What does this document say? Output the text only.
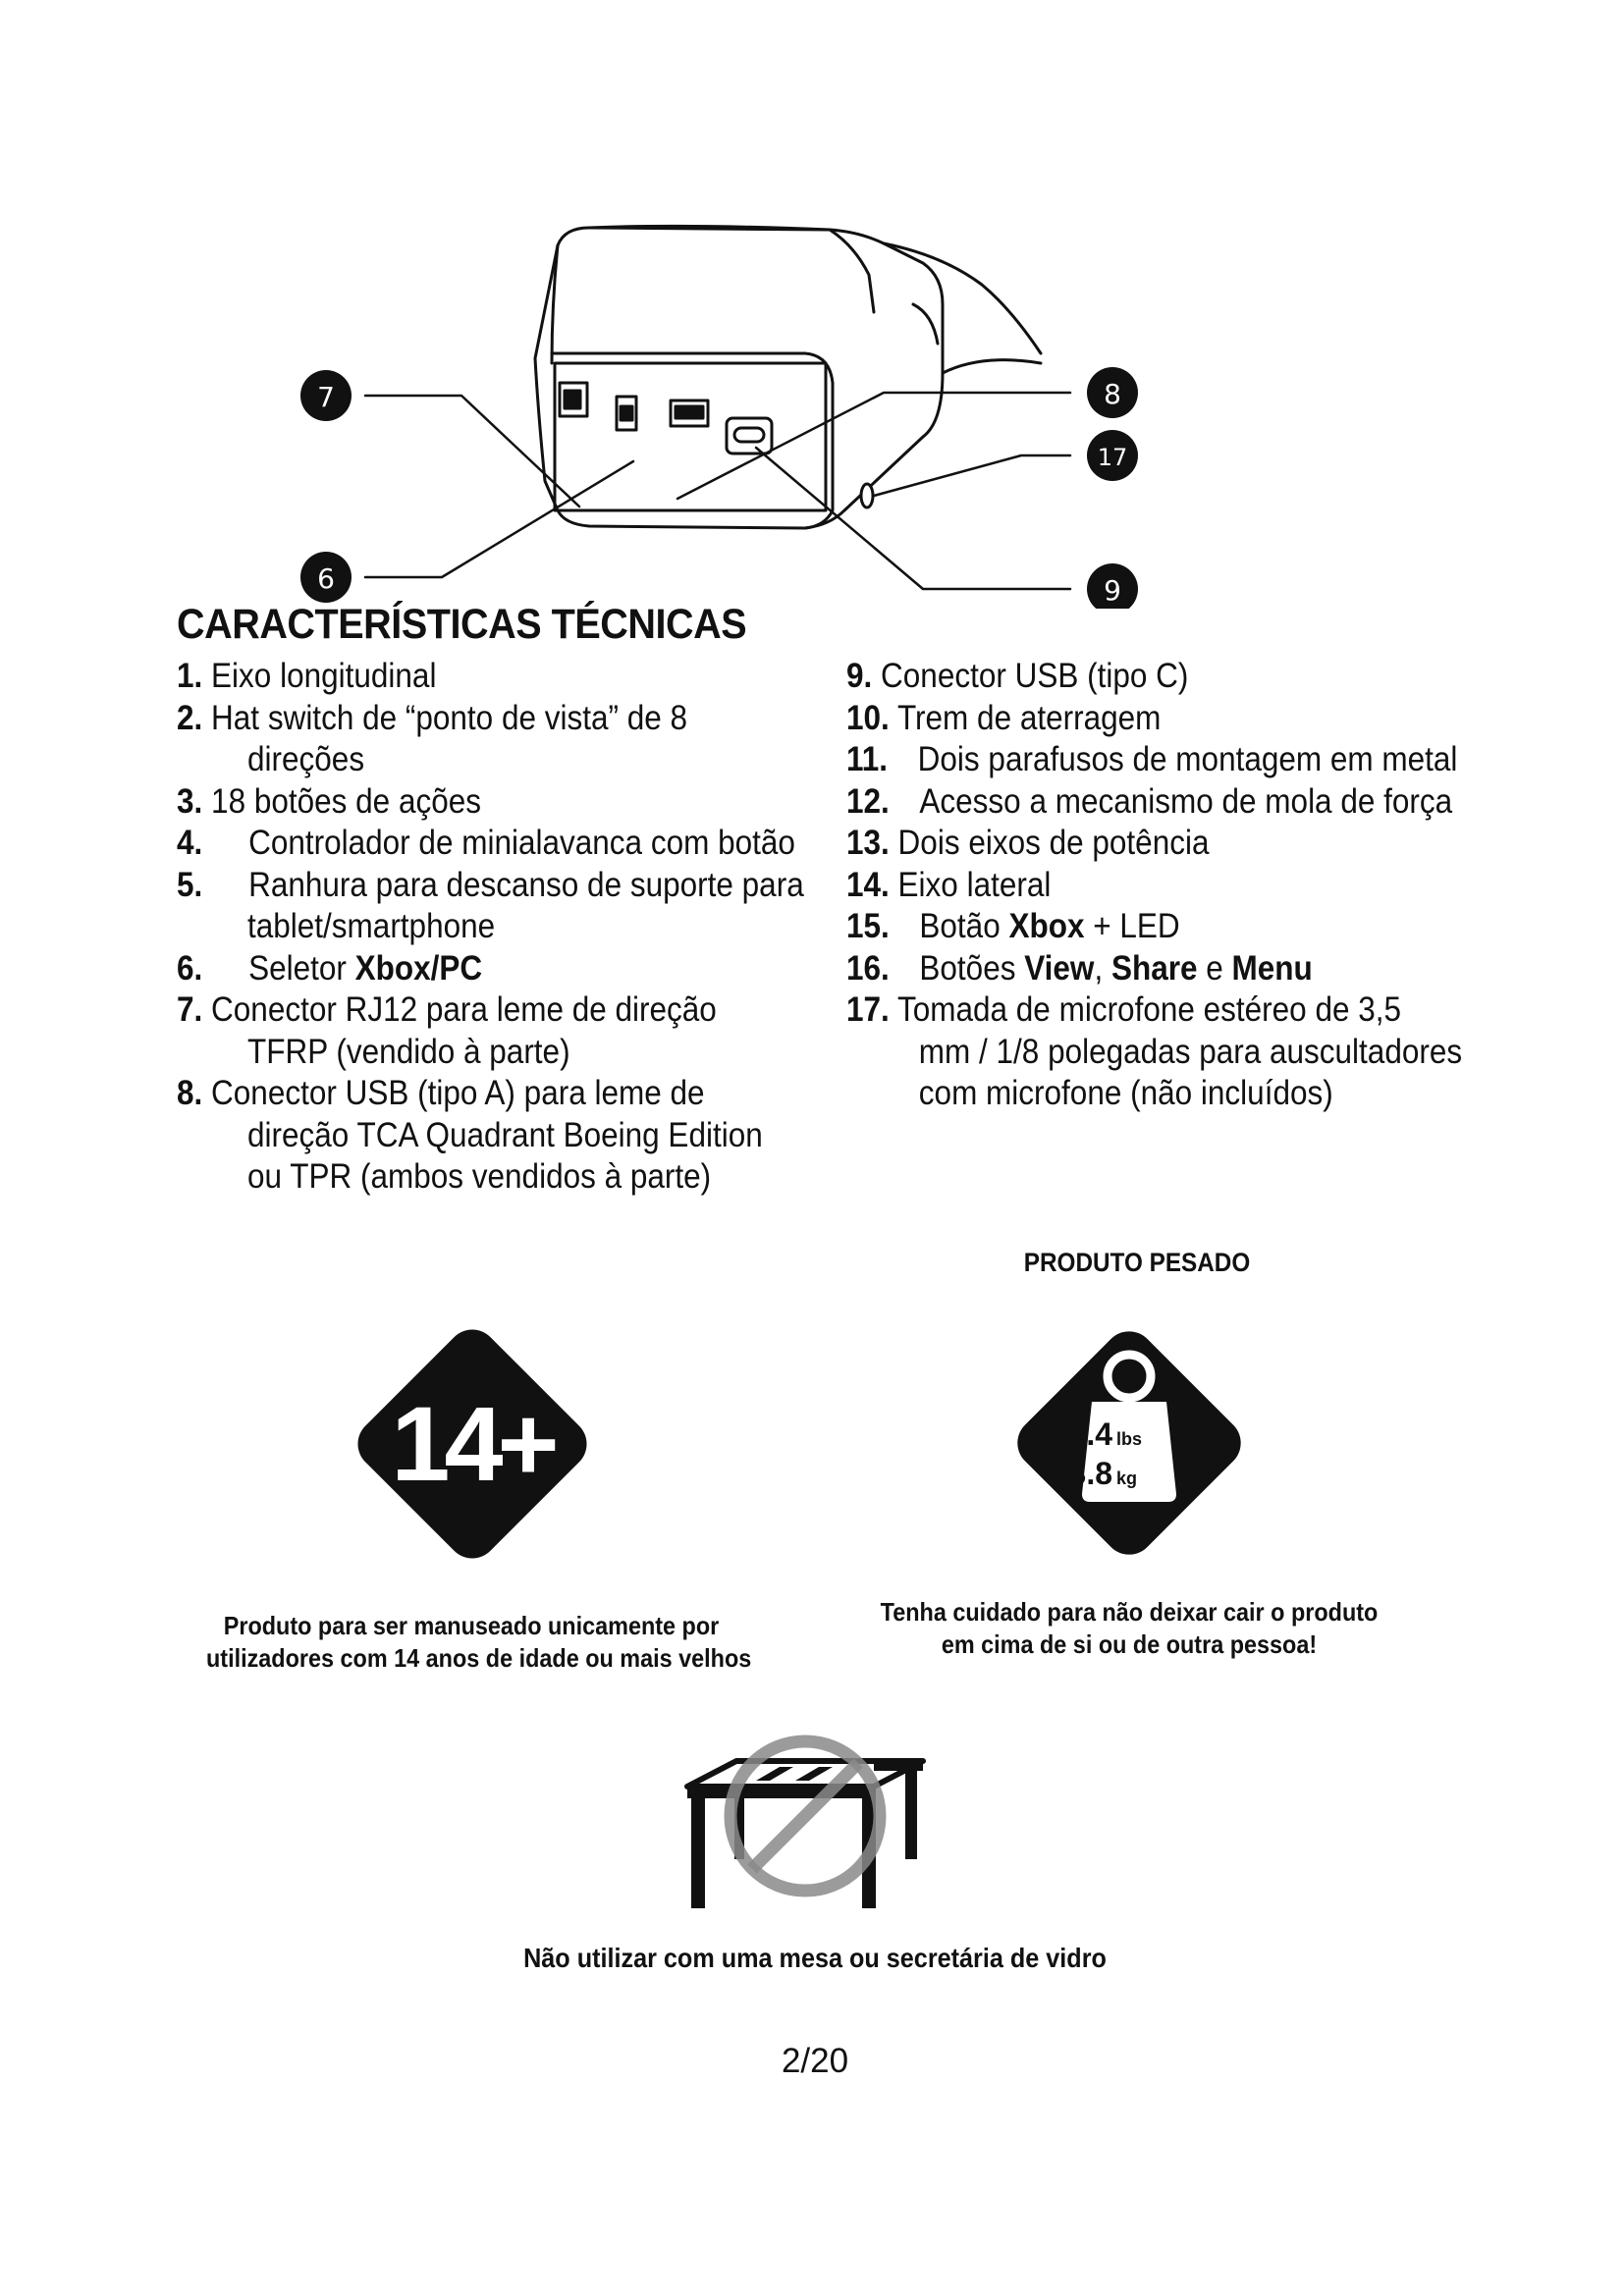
7	8
17
6	9
CARACTERÍSTICAS TÉCNICAS
1. Eixo longitudinal
2. Hat switch de “ponto de vista” de 8
direções
3. 18 botões de ações
4. Controlador de minialavanca com botão
5. Ranhura para descanso de suporte para
tablet/smartphone
6. Seletor Xbox/PC
7. Conector RJ12 para leme de direção
TFRP (vendido à parte)
8. Conector USB (tipo A) para leme de
direção TCA Quadrant Boeing Edition
ou TPR (ambos vendidos à parte)
9. Conector USB (tipo C)
10. Trem de aterragem
11. Dois parafusos de montagem em metal
12. Acesso a mecanismo de mola de força
13. Dois eixos de potência
14. Eixo lateral
15. Botão Xbox + LED
16. Botões View, Share e Menu
17. Tomada de microfone estéreo de 3,5
mm / 1/8 polegadas para auscultadores
com microfone (não incluídos)
PRODUTO PESADO
14+	8.4 lbs
3.8 kg
Produto para ser manuseado unicamente por
utilizadores com 14 anos de idade ou mais velhos
Tenha cuidado para não deixar cair o produto
em cima de si ou de outra pessoa!
Não utilizar com uma mesa ou secretária de vidro
2/20
